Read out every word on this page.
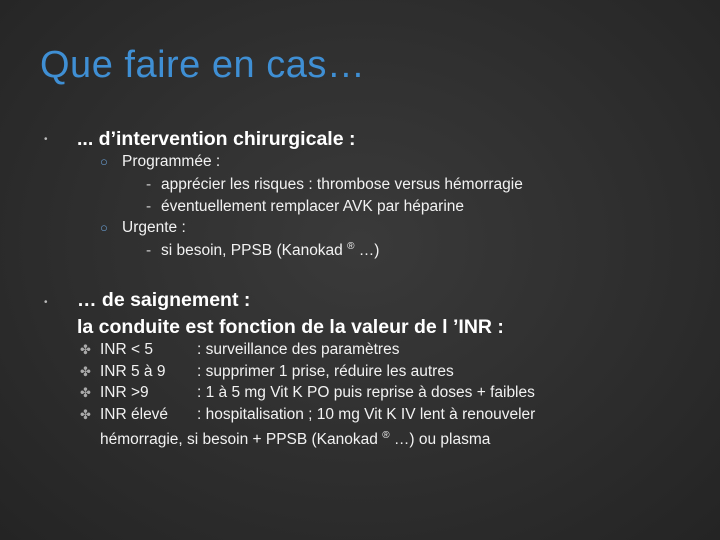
Que faire en cas…
• ... d’intervention chirurgicale :
○ Programmée :
- apprécier les risques : thrombose versus hémorragie
- éventuellement remplacer AVK par héparine
○ Urgente :
- si besoin, PPSB (Kanokad ® …)
• … de saignement :
la conduite est fonction de la valeur de l ’INR :
✤ INR < 5	: surveillance des paramètres
✤ INR 5 à 9 : supprimer 1 prise, réduire les autres
✤ INR >9	: 1 à 5 mg Vit K PO puis reprise à doses + faibles
✤ INR élevé : hospitalisation ; 10 mg Vit K IV lent à renouveler
hémorragie, si besoin + PPSB (Kanokad ® …) ou plasma
